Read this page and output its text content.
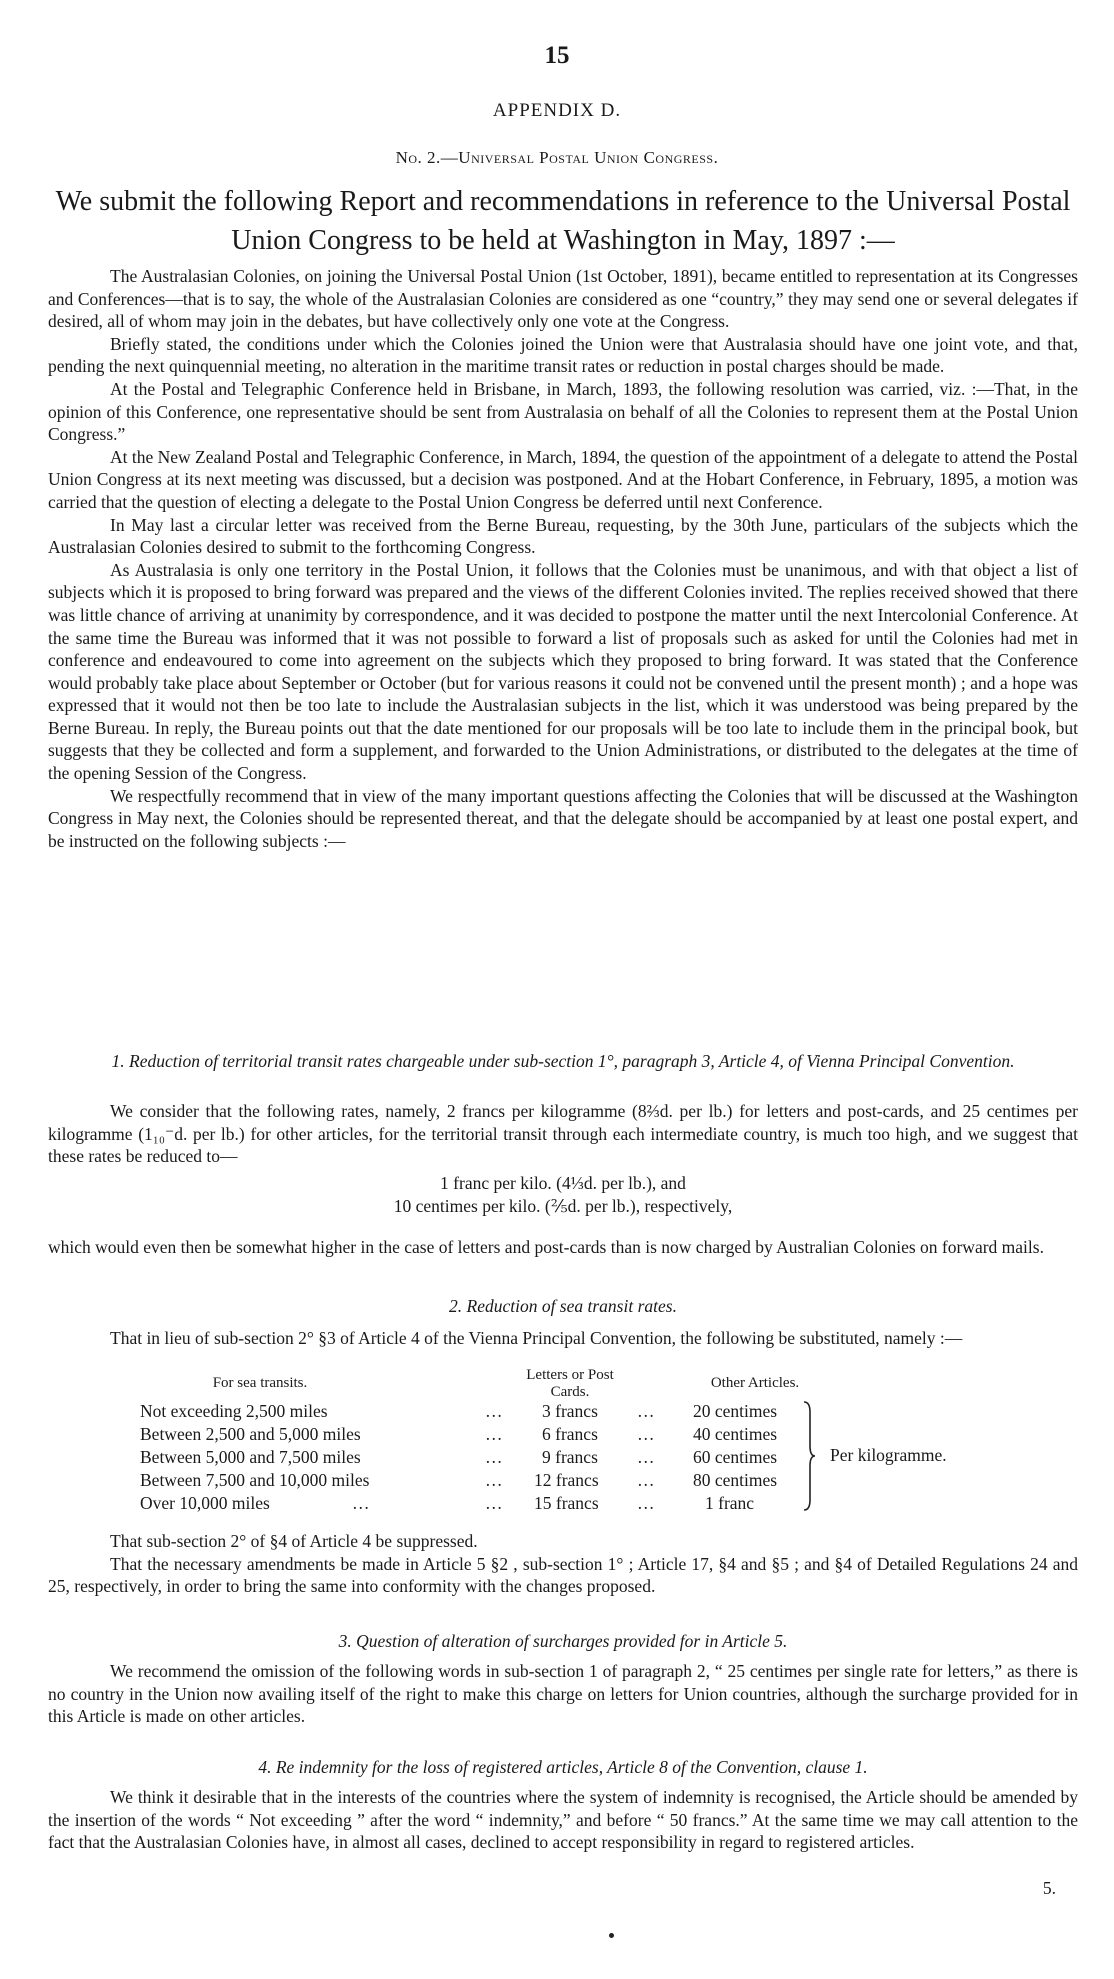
15
APPENDIX D.
No. 2.—Universal Postal Union Congress.
We submit the following Report and recommendations in reference to the Universal Postal Union Congress to be held at Washington in May, 1897 :—

The Australasian Colonies, on joining the Universal Postal Union (1st October, 1891), became entitled to representation at its Congresses and Conferences—that is to say, the whole of the Australasian Colonies are considered as one “country,” they may send one or several delegates if desired, all of whom may join in the debates, but have collectively only one vote at the Congress.

Briefly stated, the conditions under which the Colonies joined the Union were that Australasia should have one joint vote, and that, pending the next quinquennial meeting, no alteration in the maritime transit rates or reduction in postal charges should be made.

At the Postal and Telegraphic Conference held in Brisbane, in March, 1893, the following resolution was carried, viz. :—That, in the opinion of this Conference, one representative should be sent from Australasia on behalf of all the Colonies to represent them at the Postal Union Congress.”

At the New Zealand Postal and Telegraphic Conference, in March, 1894, the question of the appointment of a delegate to attend the Postal Union Congress at its next meeting was discussed, but a decision was postponed. And at the Hobart Conference, in February, 1895, a motion was carried that the question of electing a delegate to the Postal Union Congress be deferred until next Conference.

In May last a circular letter was received from the Berne Bureau, requesting, by the 30th June, particulars of the subjects which the Australasian Colonies desired to submit to the forthcoming Congress.

As Australasia is only one territory in the Postal Union, it follows that the Colonies must be unanimous, and with that object a list of subjects which it is proposed to bring forward was prepared and the views of the different Colonies invited. The replies received showed that there was little chance of arriving at unanimity by correspondence, and it was decided to postpone the matter until the next Intercolonial Conference. At the same time the Bureau was informed that it was not possible to forward a list of proposals such as asked for until the Colonies had met in conference and endeavoured to come into agreement on the subjects which they proposed to bring forward. It was stated that the Conference would probably take place about September or October (but for various reasons it could not be convened until the present month) ; and a hope was expressed that it would not then be too late to include the Australasian subjects in the list, which it was understood was being prepared by the Berne Bureau. In reply, the Bureau points out that the date mentioned for our proposals will be too late to include them in the principal book, but suggests that they be collected and form a supplement, and forwarded to the Union Administrations, or distributed to the delegates at the time of the opening Session of the Congress.

We respectfully recommend that in view of the many important questions affecting the Colonies that will be discussed at the Washington Congress in May next, the Colonies should be represented thereat, and that the delegate should be accompanied by at least one postal expert, and be instructed on the following subjects :—

1. Reduction of territorial transit rates chargeable under sub-section 1°, paragraph 3, Article 4, of Vienna Principal Convention.

We consider that the following rates, namely, 2 francs per kilogramme (8⅔d. per lb.) for letters and post-cards, and 25 centimes per kilogramme (1₁₀⁻d. per lb.) for other articles, for the territorial transit through each intermediate country, is much too high, and we suggest that these rates be reduced to—

1 franc per kilo. (4⅓d. per lb.), and
10 centimes per kilo. (⅖d. per lb.), respectively,
which would even then be somewhat higher in the case of letters and post-cards than is now charged by Australian Colonies on forward mails.
2. Reduction of sea transit rates.

That in lieu of sub-section 2° §3 of Article 4 of the Vienna Principal Convention, the following be substituted, namely :—

For sea transits.	Letters or Post Cards.
Other Articles.
Not exceeding 2,500 miles	… 3 francs … 20 centimes
Between 2,500 and 5,000 miles	… 6 francs … 40 centimes
Between 5,000 and 7,500 miles	… 9 francs … 60 centimes
Between 7,500 and 10,000 miles	… 12 francs … 80 centimes
Over 10,000 miles	…	… 15 francs …	1 franc
Per kilogramme.

That sub-section 2° of §4 of Article 4 be suppressed.

That the necessary amendments be made in Article 5 §2 , sub-section 1° ; Article 17, §4 and §5 ; and §4 of Detailed Regulations 24 and 25, respectively, in order to bring the same into conformity with the changes proposed.

3. Question of alteration of surcharges provided for in Article 5.

We recommend the omission of the following words in sub-section 1 of paragraph 2, “ 25 centimes per single rate for letters,” as there is no country in the Union now availing itself of the right to make this charge on letters for Union countries, although the surcharge provided for in this Article is made on other articles.

4. Re indemnity for the loss of registered articles, Article 8 of the Convention, clause 1.

We think it desirable that in the interests of the countries where the system of indemnity is recognised, the Article should be amended by the insertion of the words “ Not exceeding ” after the word “ indemnity,” and before “ 50 francs.” At the same time we may call attention to the fact that the Australasian Colonies have, in almost all cases, declined to accept responsibility in regard to registered articles.

5.
